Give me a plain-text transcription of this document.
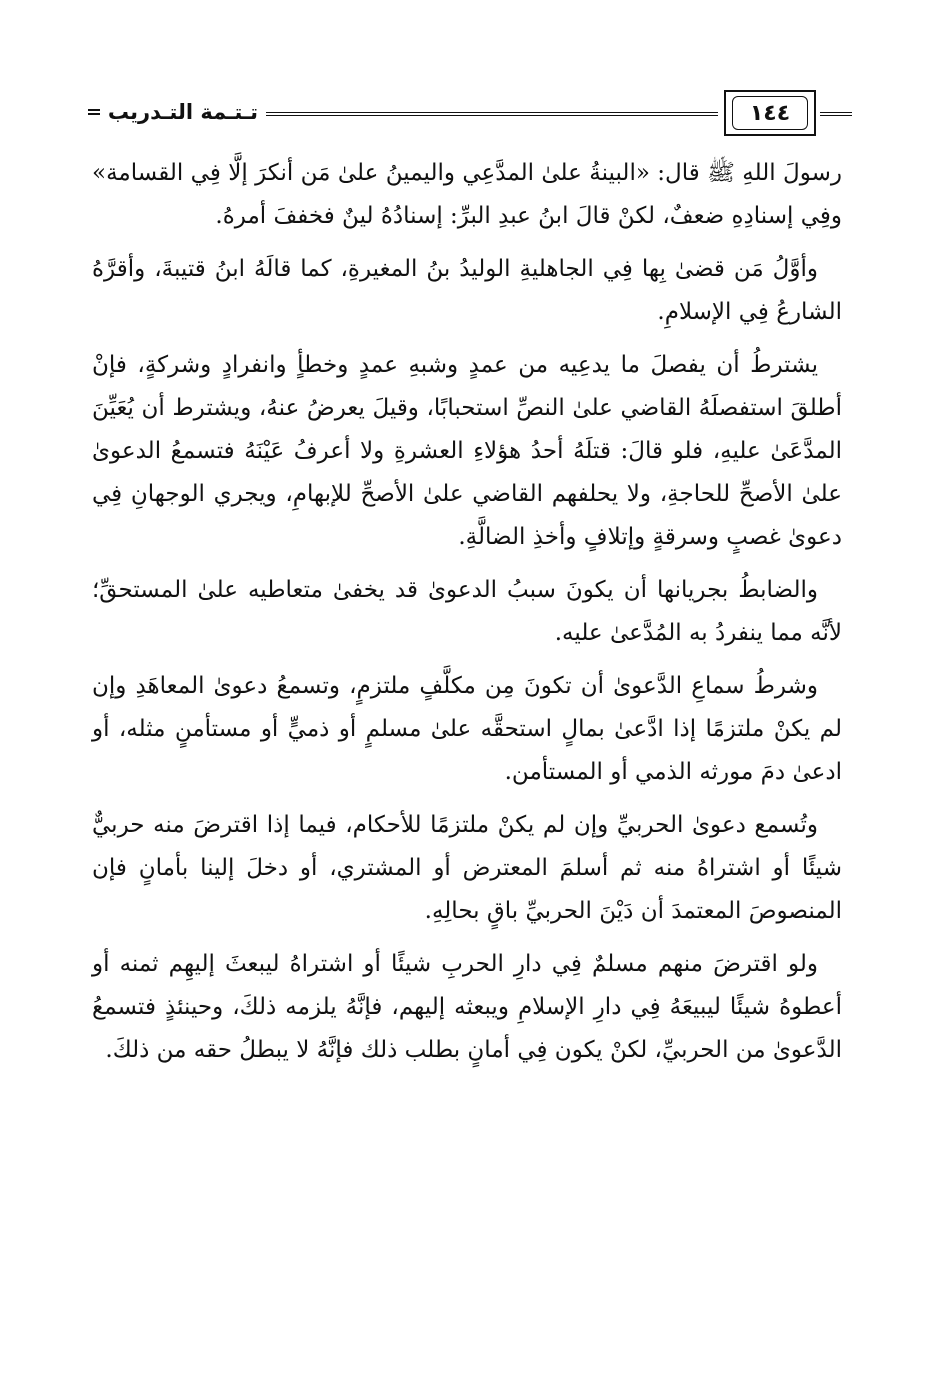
تـتـمة التـدريب	١٤٤

رسولَ اللهِ ﷺ قال: «البينةُ علىٰ المدَّعِي واليمينُ علىٰ مَن أنكرَ إلَّا فِي القسامة» وفِي إسنادِهِ ضعفٌ، لكنْ قالَ ابنُ عبدِ البرِّ: إسنادُهُ لينٌ فخففَ أمرهُ.

وأوَّلُ مَن قضىٰ بِها فِي الجاهليةِ الوليدُ بنُ المغيرةِ، كما قالَهُ ابنُ قتيبةَ، وأقرَّهُ الشارعُ فِي الإسلامِ.

يشترطُ أن يفصلَ ما يدعِيه من عمدٍ وشبهِ عمدٍ وخطأٍ وانفرادٍ وشركةٍ، فإنْ أطلقَ استفصلَهُ القاضي علىٰ النصِّ استحبابًا، وقيلَ يعرضُ عنهُ، ويشترط أن يُعَيِّنَ المدَّعَىٰ عليهِ، فلو قالَ: قتلَهُ أحدُ هؤلاءِ العشرةِ ولا أعرفُ عَيْنَهُ فتسمعُ الدعوىٰ علىٰ الأصحِّ للحاجةِ، ولا يحلفهم القاضي علىٰ الأصحِّ للإبهامِ، ويجري الوجهانِ فِي دعوىٰ غصبٍ وسرقةٍ وإتلافٍ وأخذِ الضالَّةِ.

والضابطُ بجريانها أن يكونَ سببُ الدعوىٰ قد يخفىٰ متعاطيه علىٰ المستحقِّ؛ لأنَّه مما ينفردُ به المُدَّعىٰ عليه.

وشرطُ سماعِ الدَّعوىٰ أن تكونَ مِن مكلَّفٍ ملتزمٍ، وتسمعُ دعوىٰ المعاهَدِ وإن لم يكنْ ملتزمًا إذا ادَّعىٰ بمالٍ استحقَّه علىٰ مسلمٍ أو ذميٍّ أو مستأمنٍ مثله، أو ادعىٰ دمَ مورثه الذمي أو المستأمن.

وتُسمع دعوىٰ الحربيِّ وإن لم يكنْ ملتزمًا للأحكام، فيما إذا اقترضَ منه حربيٌّ شيئًا أو اشتراهُ منه ثم أسلمَ المعترض أو المشتري، أو دخلَ إلينا بأمانٍ فإن المنصوصَ المعتمدَ أن دَيْنَ الحربيِّ باقٍ بحالِهِ.

ولو اقترضَ منهم مسلمٌ فِي دارِ الحربِ شيئًا أو اشتراهُ ليبعثَ إليهِم ثمنه أو أعطوهُ شيئًا ليبيعَهُ فِي دارِ الإسلامِ ويبعثه إليهم، فإنَّهُ يلزمه ذلكَ، وحينئذٍ فتسمعُ الدَّعوىٰ من الحربيِّ، لكنْ يكون فِي أمانٍ بطلب ذلك فإنَّهُ لا يبطلُ حقه من ذلكَ.
